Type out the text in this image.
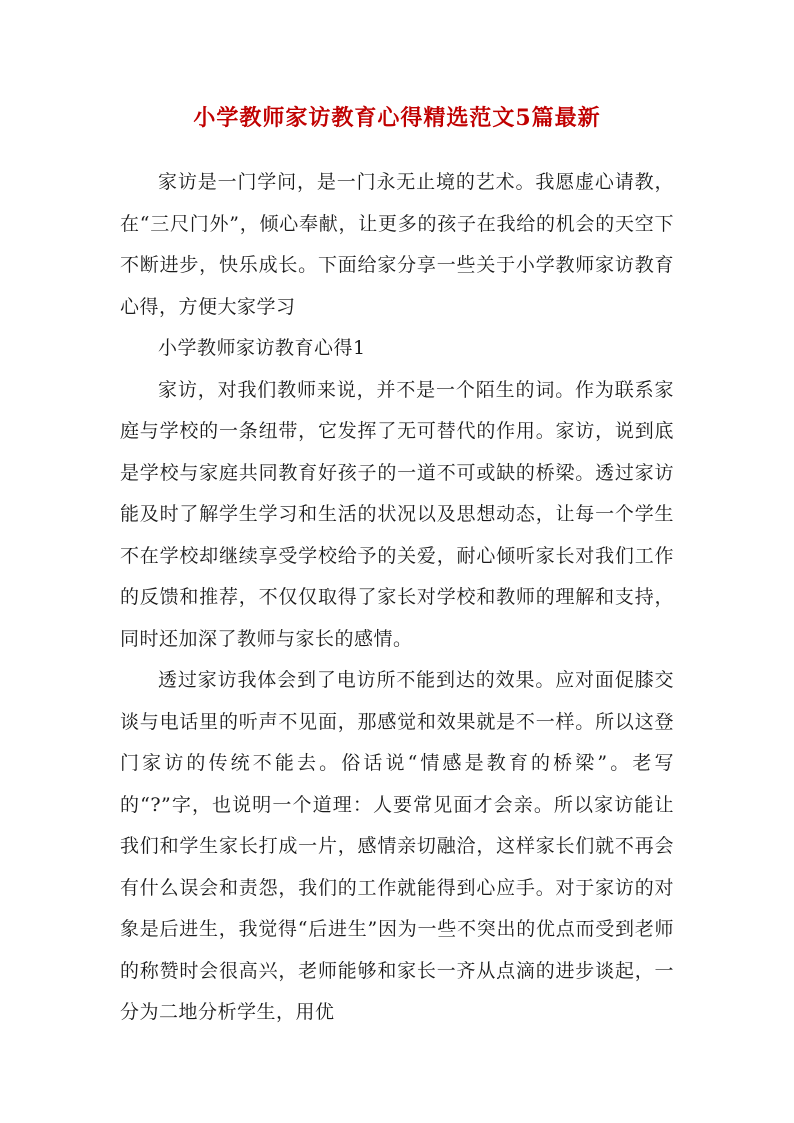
小学教师家访教育心得精选范文5篇最新

家访是一门学问，是一门永无止境的艺术。我愿虚心请教，在“三尺门外”，倾心奉献，让更多的孩子在我给的机会的天空下不断进步，快乐成长。下面给家分享一些关于小学教师家访教育心得，方便大家学习

小学教师家访教育心得1

家访，对我们教师来说，并不是一个陌生的词。作为联系家庭与学校的一条纽带，它发挥了无可替代的作用。家访，说到底是学校与家庭共同教育好孩子的一道不可或缺的桥梁。透过家访能及时了解学生学习和生活的状况以及思想动态，让每一个学生不在学校却继续享受学校给予的关爱，耐心倾听家长对我们工作的反馈和推荐，不仅仅取得了家长对学校和教师的理解和支持，同时还加深了教师与家长的感情。

透过家访我体会到了电访所不能到达的效果。应对面促膝交谈与电话里的听声不见面，那感觉和效果就是不一样。所以这登门家访的传统不能去。俗话说“情感是教育的桥梁”。老写的“?”字，也说明一个道理：人要常见面才会亲。所以家访能让我们和学生家长打成一片，感情亲切融洽，这样家长们就不再会有什么误会和责怨，我们的工作就能得到心应手。对于家访的对象是后进生，我觉得“后进生”因为一些不突出的优点而受到老师的称赞时会很高兴，老师能够和家长一齐从点滴的进步谈起，一分为二地分析学生，用优
